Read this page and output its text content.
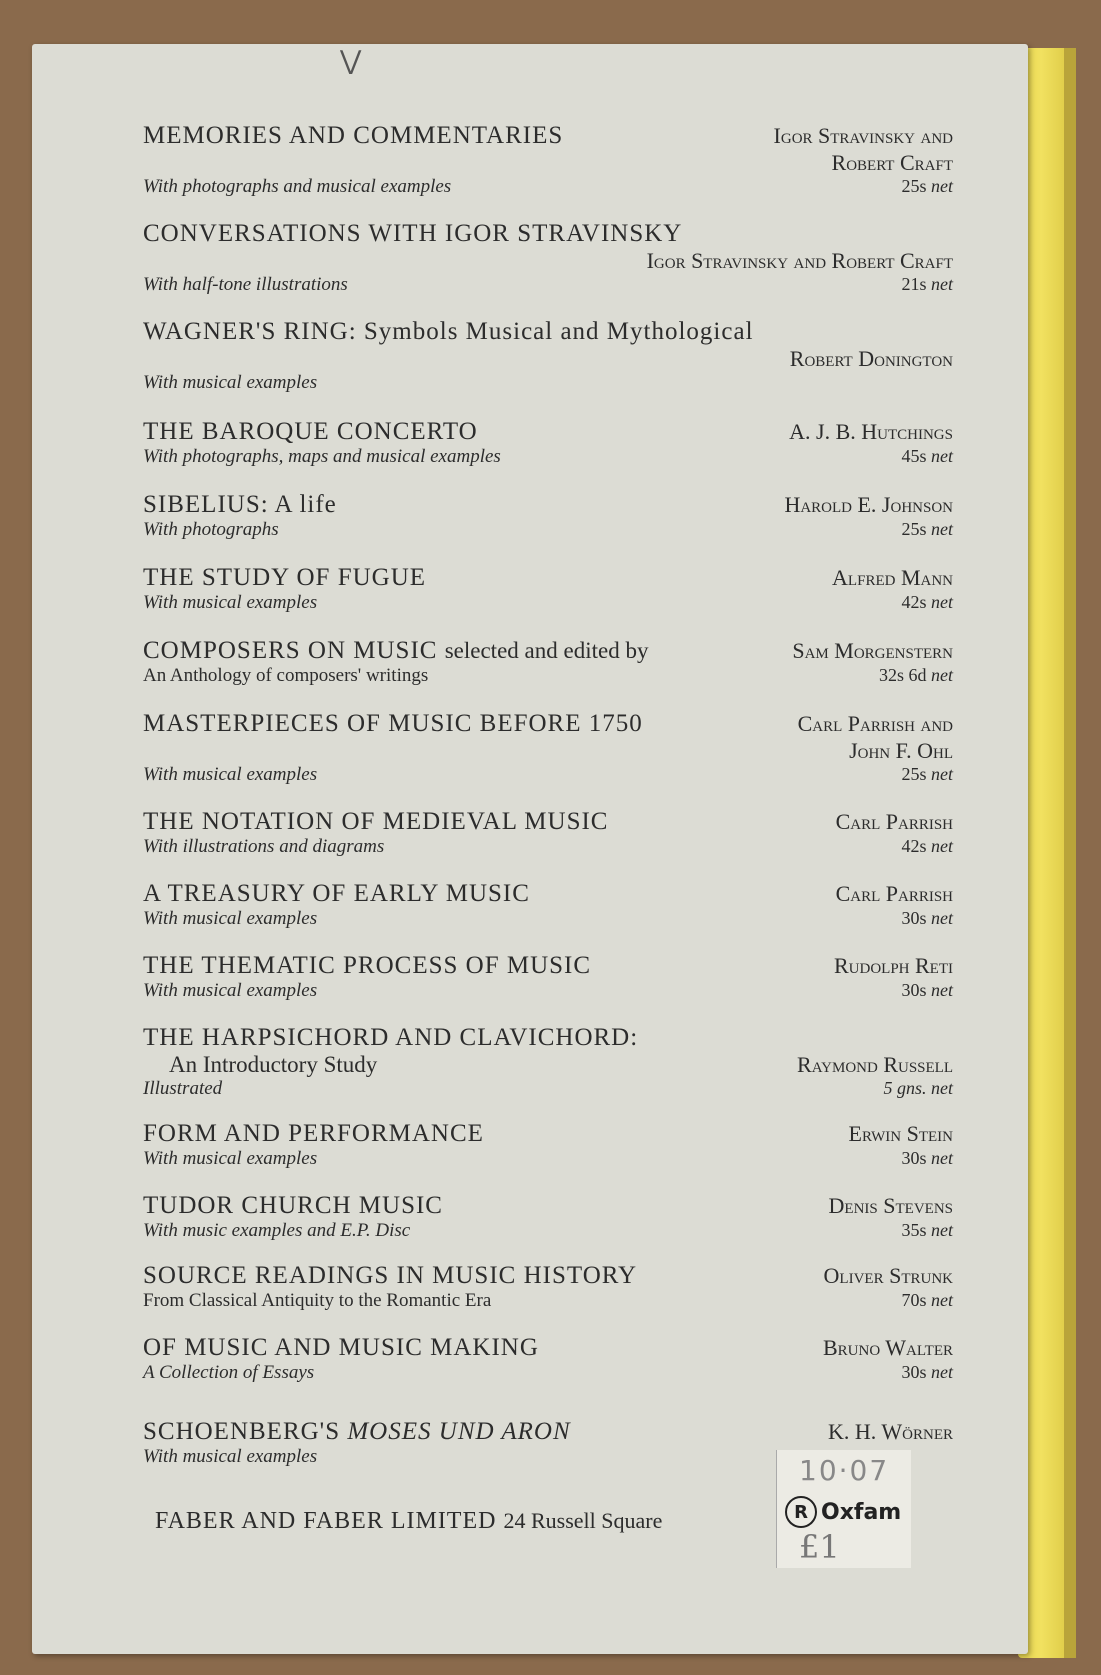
⋁
MEMORIES AND COMMENTARIES	Igor Stravinsky and
Robert Craft
With photographs and musical examples	25s net
CONVERSATIONS WITH IGOR STRAVINSKY
Igor Stravinsky and Robert Craft
With half-tone illustrations	21s net
WAGNER'S RING: Symbols Musical and Mythological
Robert Donington
With musical examples
THE BAROQUE CONCERTO	A. J. B. Hutchings
With photographs, maps and musical examples	45s net
SIBELIUS: A life	Harold E. Johnson
With photographs	25s net
THE STUDY OF FUGUE	Alfred Mann
With musical examples	42s net
COMPOSERS ON MUSIC selected and edited by	Sam Morgenstern
An Anthology of composers' writings	32s 6d net
MASTERPIECES OF MUSIC BEFORE 1750	Carl Parrish and
John F. Ohl
With musical examples	25s net
THE NOTATION OF MEDIEVAL MUSIC	Carl Parrish
With illustrations and diagrams	42s net
A TREASURY OF EARLY MUSIC	Carl Parrish
With musical examples	30s net
THE THEMATIC PROCESS OF MUSIC	Rudolph Reti
With musical examples	30s net
THE HARPSICHORD AND CLAVICHORD:
An Introductory Study	Raymond Russell
Illustrated	5 gns. net
FORM AND PERFORMANCE	Erwin Stein
With musical examples	30s net
TUDOR CHURCH MUSIC	Denis Stevens
With music examples and E.P. Disc	35s net
SOURCE READINGS IN MUSIC HISTORY	Oliver Strunk
From Classical Antiquity to the Romantic Era	70s net
OF MUSIC AND MUSIC MAKING	Bruno Walter
A Collection of Essays	30s net
SCHOENBERG'S MOSES UND ARON	K. H. Wörner
With musical examples
FABER AND FABER LIMITED 24 Russell Square
10·07
R Oxfam
£1
